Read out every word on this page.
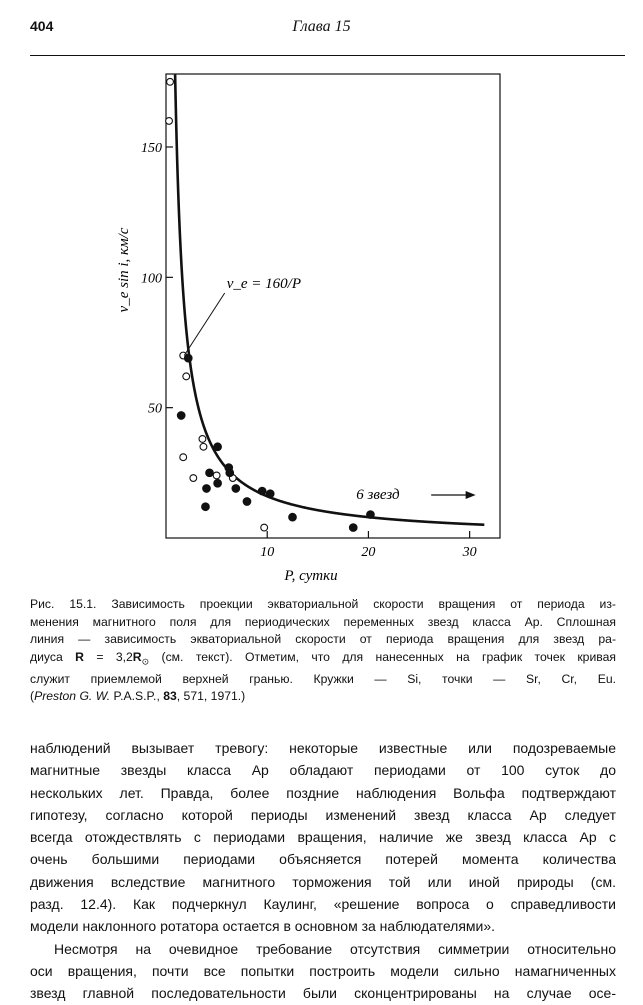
404	Глава 15
50
100
150
10	20	30
P, сутки
v_e sin i, км/с	v_e = 160/P
6 звезд
Рис. 15.1. Зависимость проекции экваториальной скорости вращения от периода из-
менения магнитного поля для периодических переменных звезд класса Ap. Сплошная
линия — зависимость экваториальной скорости от периода вращения для звезд ра-
диуса $R = 3,2R_⊙$ (см. текст). Отметим, что для нанесенных на график точек кривая
служит приемлемой верхней гранью. Кружки — Si, точки — Sr, Cr, Eu.
(Preston G. W. P.A.S.P., 83, 571, 1971.)
наблюдений вызывает тревогу: некоторые известные или подозреваемые
магнитные звезды класса Ap обладают периодами от 100 суток до
нескольких лет. Правда, более поздние наблюдения Вольфа подтверждают
гипотезу, согласно которой периоды изменений звезд класса Ap следует
всегда отождествлять с периодами вращения, наличие же звезд класса Ap с
очень большими периодами объясняется потерей момента количества
движения вследствие магнитного торможения той или иной природы (см.
разд. 12.4). Как подчеркнул Каулинг, «решение вопроса о справедливости
модели наклонного ротатора остается в основном за наблюдателями».
Несмотря на очевидное требование отсутствия симметрии относительно
оси вращения, почти все попытки построить модели сильно намагниченных
звезд главной последовательности были сконцентрированы на случае осе-
